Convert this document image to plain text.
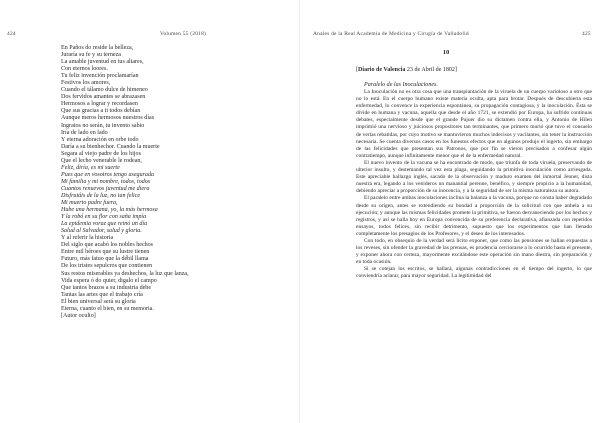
424	Volumen 55 (2018)
En Paños do reside la belleza,
Juraría su fe y su terneza
La amable juventud en tus altares,
Con eternos loores.
Tu feliz invención proclamarían
Festivos los amores,
Cuando el tálamo dulce de himeneo
Dos fervidos amantes se abrazasen
Hermosos a lograr y recordasen
Que sus gracias a ti todos debían
Aunque meros hermosos nuestros días
Ingratos no serán, tu invento sabio
Iría de lado en lado
Y eterna adoración en orbe todo
Daría a su bienhechor. Cuando la muerte
Segara al viejo padre de los hijos
Que el lecho venerable le rodean,
Feliz, diría, es mi suerte
Pues que en vosotros tengo asegurada
Mi familia y mi nombre, todos, todos
Cuantos renuevos juventud me diera
Disfrutáis de la luz, no tan felice
Mi muerto padre fuera,
Hube una hermana, yo, la más hermosa
Y la robó en su flor con saña impía
La epidemia voraz que reinó un día
Salud al Salvador, salud y gloria.
Y al referir la historia
Del siglo que acabó los nobles hechos
Entre mil héroes que su lustre tienen
Futuro, más fatuo que la débil llama
De los tristes sepulcros que contienen
Sus restos miserables ya deshechos, la luz que lanza,
Vida espera ó do quier, digalo el campo
Que tantos brazos a su industria debe
Tantas las artes que el trabajo cría
El bien universal será su gloria
Eterna, cuanto el bien, en su memoria.
[Autor oculto]
Anales de la Real Academia de Medicina y Cirugía de Valladolid	425
10
[Diario de Valencia 23 de Abril de 1802]
Paralelo de las Inoculaciones.

La Inoculación no es otra cosa que una transplantación de la viruela de un cuerpo varioloso a otro que no lo está. En el cuerpo humano existe materia oculta, apta para brotar. Después de descubierta esta enfermedad, lo convence la experiencia espontánea, su propagación contagiosa, y la inoculación. Ésta se divide en humana y vacuna, aquella que desde el año 1721, se extendió por Europa, ha sufrido continuas debates, especialmente desde que el grande Pujuer dio su dictamen contra ella, y Antonio de Hilen imprimió una nervioso y juiciosos propositores tan terminantes, que primero murió que tuvo el consuelo de verlas rebatidas, por cuyo motivo se mantuvieron muchos indecisos y vacilantes, sin tener la instrucción necesaria. Se cuenta diversos casos en los funestos efectos que en algunos produjo el ingerto, sin embargo de las felicidades que presentan sus Patronos, que por fin se vieron precisados a confesar algún contratiempo, aunque infinitamente menor que el de la enfermedad natural.

El nuevo invento de la vacuna se ha encontrado de modo, que triunfa de toda viruela, preservando de ulterior insulto, y destemando tal vez esta plaga, seguidando la primitiva inoculación como arriesgada. Este apreciable hallazgo inglés, sacado de la observación y maduro examen del inmortal Jenner, dista nuestra era, legando a los venideros un manantial perenne, benéfico, y siempre propicio a la humanidad, debiendo apreciar a proporción de su inocencia, y a la seguridad de ser la misma naturaleza su autora.

El paralelo entre ambas inoculaciones inclina la balanza a la vacuna, porque no consta haber degradado desde su origen, antes se extendiendo su bondad a proporción de la solicitud con que anhela a su ejecución; y aunque las mismas felicidades promete la primitiva, se fueron desvaneciendo por los hechos y registros, y así se halla hoy en Europa convencida de su preferencia declarativa, afianzada con repetidos ensayos, todos felices, sin recibir detrimento, supuesto que los experimentos que han llenado completamente los presagios de los Profesores, y el deseo de los interesados.

Con todo, en obsequio de la verdad será lícito exponer, que como las pensiones se hallan expuestas a los reveses, sin ofender la gravedad de las prensas, es prudencia cerciorarse a lo ocurrido hasta el presente, y exponer ahora con certeza, mayormente excitándose este operación sin mano diestra, sin preparación y en toda ocasión.

Si se cotejan los escritos, se hallará, algunas contradicciones en el tiempo del ingerto, lo que conviendría aclarar, para mayor seguridad. La legitimidad del
